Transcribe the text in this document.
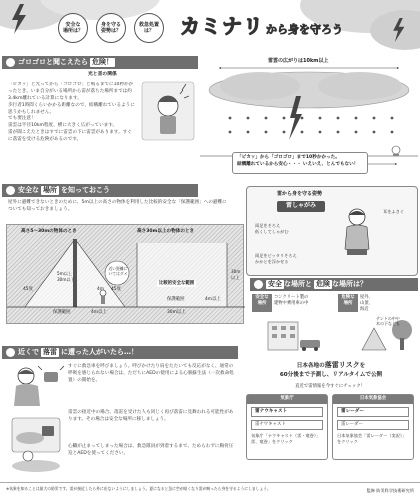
安全な
場所は？
身を守る
姿勢は？
救急処置
は？ カミナリ から身を守ろう
ゴロゴロと聞こえたら 危険！
光と音の関係
「ピカッ」と光ってから「ゴロゴロ」と鳴るまでに10秒かかったとき、いま自分がいる場所から雷が落ちた場所までは約3.4km離れている計算になります。
歩行者1時間くらいかかる距離なので、結構離れているように思うかもしれません。
でも要注意！
雷雲は半径10km程度、横に大きく広がっています。
雷が聞こえたときはすでに雷雲の下に雷雲があります。すぐに落雷を受ける危険があるのです。
雷雲の広がりは10km以上
「ピカッ」から「ゴロゴロ」まで10秒かかった。
結構離れているから安心・・・ いえいえ、とんでもない！
安全な 場所 を知っておこう
屋外に避難できないときのために、5m以上の高さの物体を利用した比較的安全な「保護範囲」への避難についても知っておきましょう。
高さ5～30mの物体のとき	高さ30m以上の物体のとき
近い距離に
いてはダメ
45度
5m以上
30m以下
4m 45度
保護範囲	4m以上
30m
以上
30m以上
保護範囲	4m以上
比較的安全な範囲
雷から身を守る姿勢
雷しゃがみ
両足をそろえ
低くしてしゃがむ
耳をふさぐ
両足をピッタリそろえ
かかとを浮かせる
安全 な場所と 危険 な場所は？
安全な
場所
コンクリート製の
建物や乗用車の中
危険な
場所
屋外、
山頂、
海辺
テントの中や
木の下なども
近くで 落雷 に遭った人がいたら…！
すぐに救急車を呼びましょう。呼びかけたり肩をたたいても反応がなく、通常の呼吸を感じられない場合は、ただちにAEDの使用による心肺蘇生法（一次救命処置）の開始を。
雷雲の接近中の場合、落雷を受けた人も同じく再び落雷に見舞われる可能性があります。その場合は安全な場所に移しましょう。
心臓が止まってしまった場合は、救急隊員が到着するまで、ためらわずに胸骨圧迫とAEDを使ってください。
日本各地の落雷リスクを
60分後まで予測し、リアルタイムで公開
直近で雷情報を今すぐにチェック！
気象庁
雷ナウキャスト
雷ナウキャスト
気象庁「ナウキャスト（雷・竜巻）」雷、竜巻」をクリック
日本気象協会
雷レーダー
雷レーダー
日本気象協会「雷レーダー（実況）」をクリック
※気象を知ることは最大の防災です。雷が接近したら外に出ないようにしましょう。夏になると急に空が暗くなり雷が鳴ったら身を守るようにしましょう。	監修 防災科学技術研究所
